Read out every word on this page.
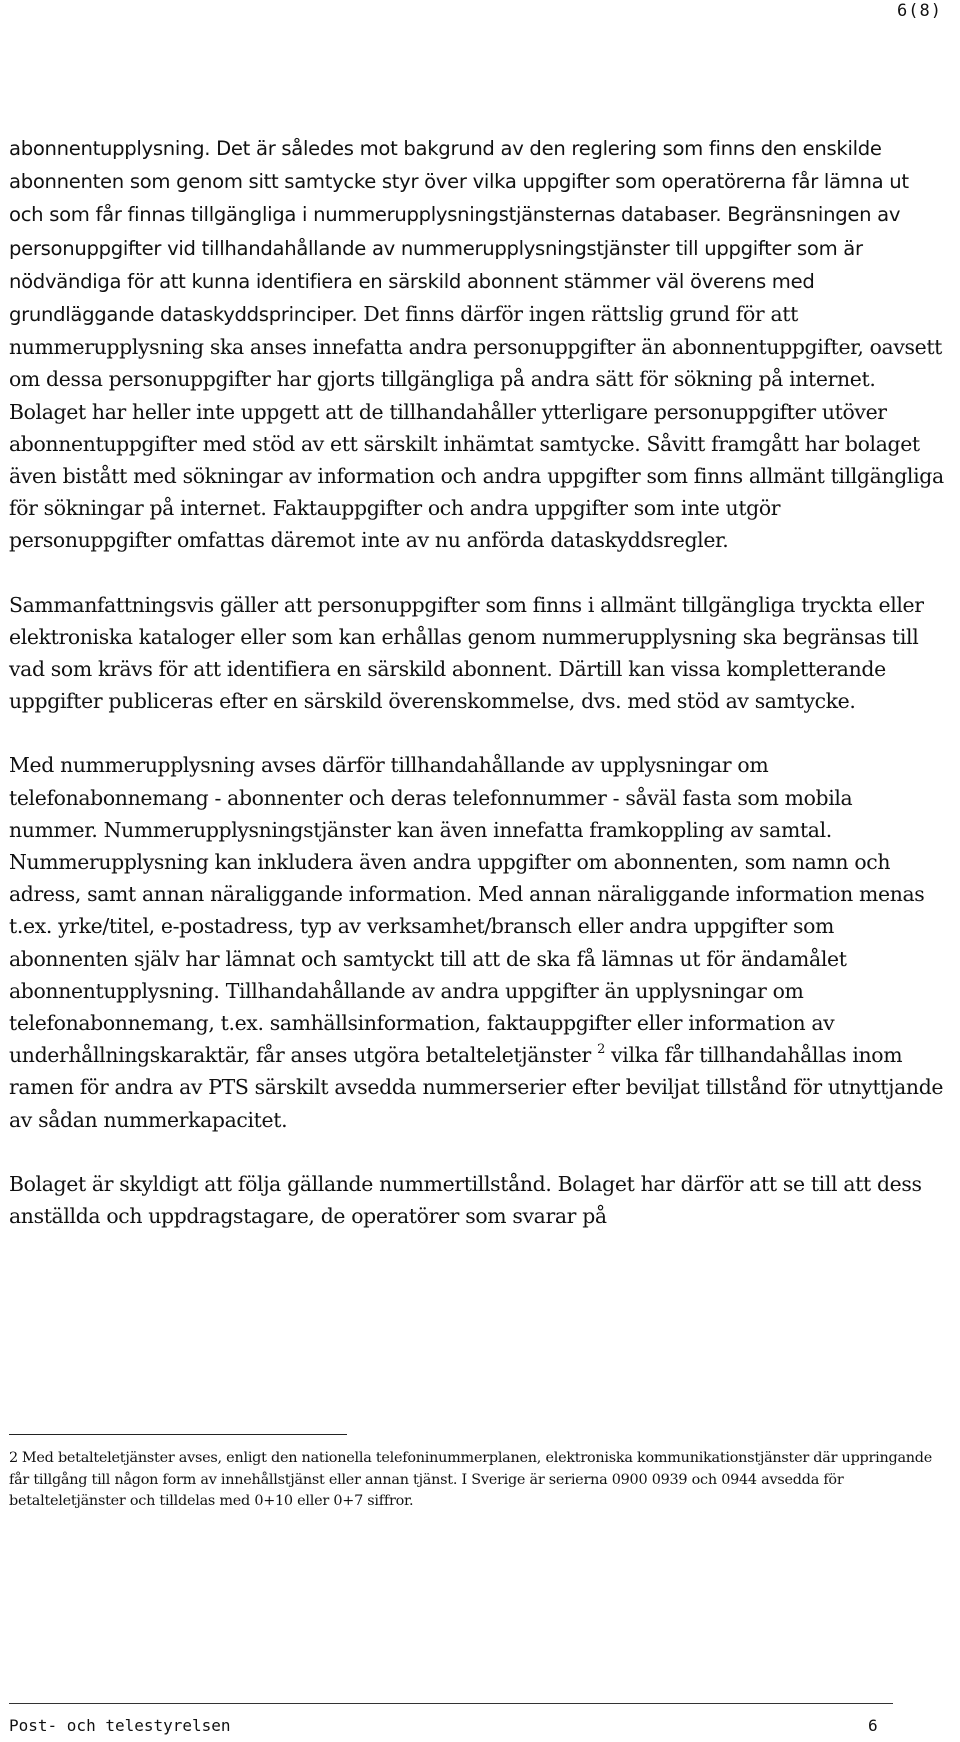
6(8)

abonnentupplysning. Det är således mot bakgrund av den reglering som finns den enskilde abonnenten som genom sitt samtycke styr över vilka uppgifter som operatörerna får lämna ut och som får finnas tillgängliga i nummerupplysningstjänsternas databaser. Begränsningen av personuppgifter vid tillhandahållande av nummerupplysningstjänster till uppgifter som är nödvändiga för att kunna identifiera en särskild abonnent stämmer väl överens med grundläggande dataskyddsprinciper. Det finns därför ingen rättslig grund för att nummerupplysning ska anses innefatta andra personuppgifter än abonnentuppgifter, oavsett om dessa personuppgifter har gjorts tillgängliga på andra sätt för sökning på internet. Bolaget har heller inte uppgett att de tillhandahåller ytterligare personuppgifter utöver abonnentuppgifter med stöd av ett särskilt inhämtat samtycke. Såvitt framgått har bolaget även bistått med sökningar av information och andra uppgifter som finns allmänt tillgängliga för sökningar på internet. Faktauppgifter och andra uppgifter som inte utgör personuppgifter omfattas däremot inte av nu anförda dataskyddsregler.

Sammanfattningsvis gäller att personuppgifter som finns i allmänt tillgängliga tryckta eller elektroniska kataloger eller som kan erhållas genom nummerupplysning ska begränsas till vad som krävs för att identifiera en särskild abonnent. Därtill kan vissa kompletterande uppgifter publiceras efter en särskild överenskommelse, dvs. med stöd av samtycke.

Med nummerupplysning avses därför tillhandahållande av upplysningar om telefonabonnemang - abonnenter och deras telefonnummer - såväl fasta som mobila nummer. Nummerupplysningstjänster kan även innefatta framkoppling av samtal. Nummerupplysning kan inkludera även andra uppgifter om abonnenten, som namn och adress, samt annan näraliggande information. Med annan näraliggande information menas t.ex. yrke/titel, e-postadress, typ av verksamhet/bransch eller andra uppgifter som abonnenten själv har lämnat och samtyckt till att de ska få lämnas ut för ändamålet abonnentupplysning. Tillhandahållande av andra uppgifter än upplysningar om telefonabonnemang, t.ex. samhällsinformation, faktauppgifter eller information av underhållningskaraktär, får anses utgöra betalteletjänster $^2$ vilka får tillhandahållas inom ramen för andra av PTS särskilt avsedda nummerserier efter beviljat tillstånd för utnyttjande av sådan nummerkapacitet.

Bolaget är skyldigt att följa gällande nummertillstånd. Bolaget har därför att se till att dess anställda och uppdragstagare, de operatörer som svarar på

2 Med betalteletjänster avses, enligt den nationella telefoninummerplanen, elektroniska kommunikationstjänster där uppringande får tillgång till någon form av innehållstjänst eller annan tjänst. I Sverige är serierna 0900 0939 och 0944 avsedda för betalteletjänster och tilldelas med 0+10 eller 0+7 siffror.
Post- och telestyrelsen	6
